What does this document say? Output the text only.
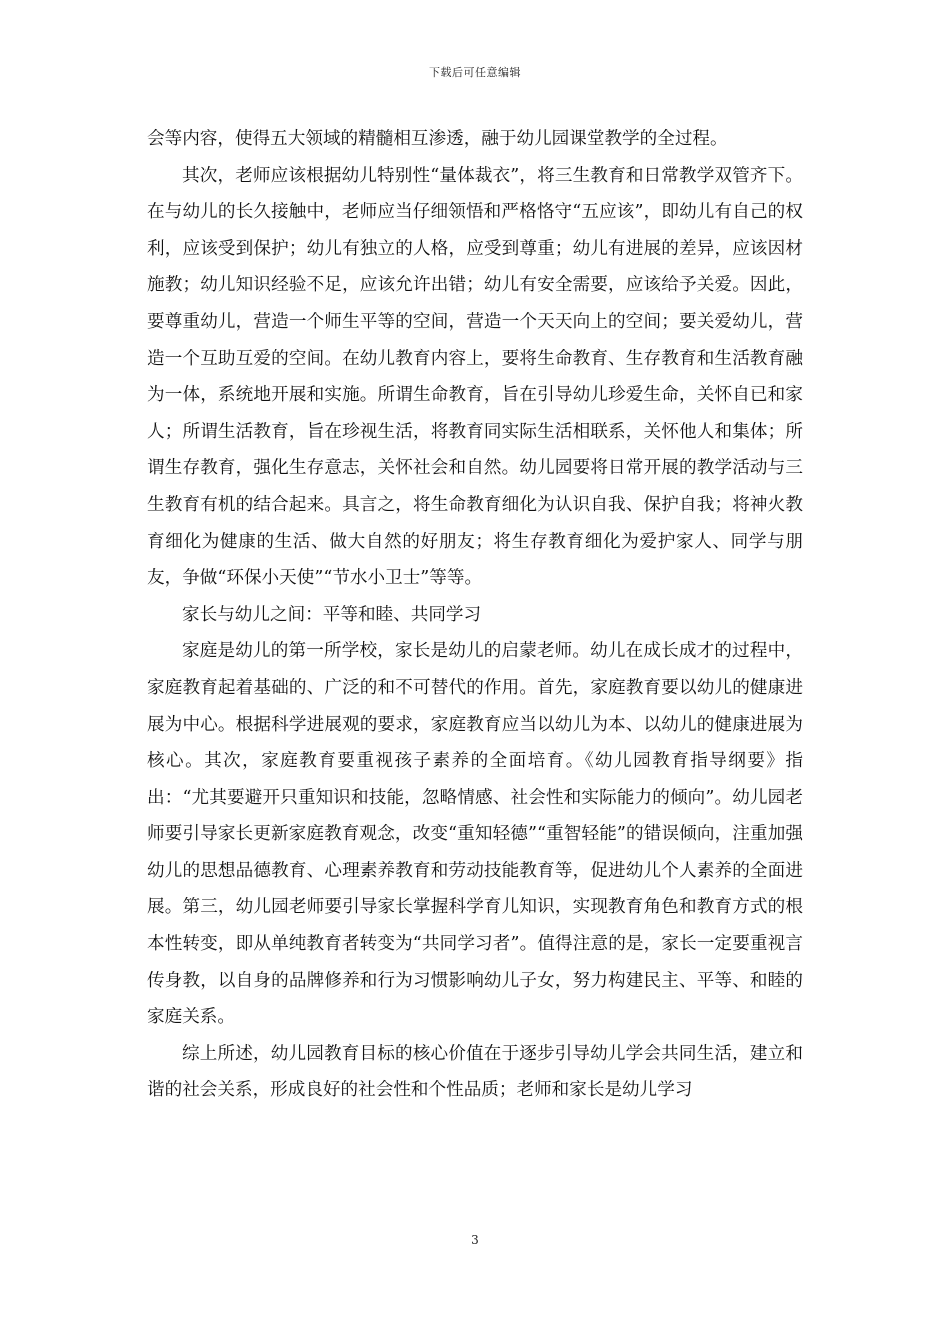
下载后可任意编辑

会等内容，使得五大领域的精髓相互渗透，融于幼儿园课堂教学的全过程。

其次，老师应该根据幼儿特别性“量体裁衣”，将三生教育和日常教学双管齐下。在与幼儿的长久接触中，老师应当仔细领悟和严格恪守“五应该”，即幼儿有自己的权利，应该受到保护；幼儿有独立的人格，应受到尊重；幼儿有进展的差异，应该因材施教；幼儿知识经验不足，应该允许出错；幼儿有安全需要，应该给予关爱。因此，要尊重幼儿，营造一个师生平等的空间，营造一个天天向上的空间；要关爱幼儿，营造一个互助互爱的空间。在幼儿教育内容上，要将生命教育、生存教育和生活教育融为一体，系统地开展和实施。所谓生命教育，旨在引导幼儿珍爱生命，关怀自已和家人；所谓生活教育，旨在珍视生活，将教育同实际生活相联系，关怀他人和集体；所谓生存教育，强化生存意志，关怀社会和自然。幼儿园要将日常开展的教学活动与三生教育有机的结合起来。具言之，将生命教育细化为认识自我、保护自我；将神火教育细化为健康的生活、做大自然的好朋友；将生存教育细化为爱护家人、同学与朋友，争做“环保小天使”“节水小卫士”等等。

家长与幼儿之间：平等和睦、共同学习

家庭是幼儿的第一所学校，家长是幼儿的启蒙老师。幼儿在成长成才的过程中，家庭教育起着基础的、广泛的和不可替代的作用。首先，家庭教育要以幼儿的健康进展为中心。根据科学进展观的要求，家庭教育应当以幼儿为本、以幼儿的健康进展为核心。其次，家庭教育要重视孩子素养的全面培育。《幼儿园教育指导纲要》指出：“尤其要避开只重知识和技能，忽略情感、社会性和实际能力的倾向”。幼儿园老师要引导家长更新家庭教育观念，改变“重知轻德”“重智轻能”的错误倾向，注重加强幼儿的思想品德教育、心理素养教育和劳动技能教育等，促进幼儿个人素养的全面进展。第三，幼儿园老师要引导家长掌握科学育儿知识，实现教育角色和教育方式的根本性转变，即从单纯教育者转变为“共同学习者”。值得注意的是，家长一定要重视言传身教，以自身的品牌修养和行为习惯影响幼儿子女，努力构建民主、平等、和睦的家庭关系。

综上所述，幼儿园教育目标的核心价值在于逐步引导幼儿学会共同生活，建立和谐的社会关系，形成良好的社会性和个性品质；老师和家长是幼儿学习

3
